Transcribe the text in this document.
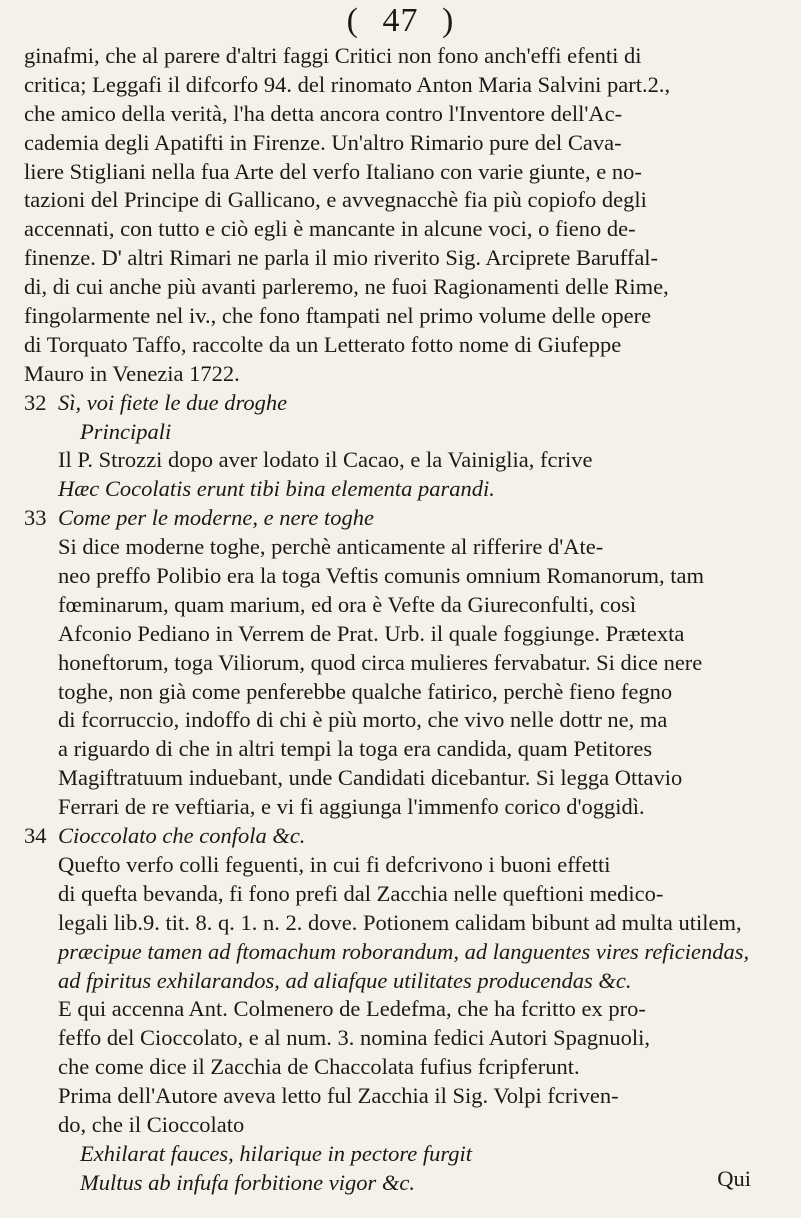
( 47 )
ginafmi, che al parere d'altri faggi Critici non fono anch'effi efenti di
critica; Leggafi il difcorfo 94. del rinomato Anton Maria Salvini part.2.,
che amico della verità, l'ha detta ancora contro l'Inventore dell'Ac-
cademia degli Apatifti in Firenze. Un'altro Rimario pure del Cava-
liere Stigliani nella fua Arte del verfo Italiano con varie giunte, e no-
tazioni del Principe di Gallicano, e avvegnacchè fia più copiofo degli
accennati, con tutto e ciò egli è mancante in alcune voci, o fieno de-
finenze. D' altri Rimari ne parla il mio riverito Sig. Arciprete Baruffal-
di, di cui anche più avanti parleremo, ne fuoi Ragionamenti delle Rime,
fingolarmente nel iv., che fono ftampati nel primo volume delle opere
di Torquato Taffo, raccolte da un Letterato fotto nome di Giufeppe
Mauro in Venezia 1722.
32 Sì, voi fiete le due droghe
Principali
Il P. Strozzi dopo aver lodato il Cacao, e la Vainiglia, fcrive
Hæc Cocolatis erunt tibi bina elementa parandi.
33 Come per le moderne, e nere toghe
Si dice moderne toghe, perchè anticamente al rifferire d'Ate-
neo preffo Polibio era la toga Veftis comunis omnium Romanorum, tam
fœminarum, quam marium, ed ora è Vefte da Giureconfulti, così
Afconio Pediano in Verrem de Prat. Urb. il quale foggiunge. Prætexta
honeftorum, toga Viliorum, quod circa mulieres fervabatur. Si dice nere
toghe, non già come penferebbe qualche fatirico, perchè fieno fegno
di fcorruccio, indoffo di chi è più morto, che vivo nelle dottr ne, ma
a riguardo di che in altri tempi la toga era candida, quam Petitores
Magiftratuum induebant, unde Candidati dicebantur. Si legga Ottavio
Ferrari de re veftiaria, e vi fi aggiunga l'immenfo corico d'oggidì.
34 Cioccolato che confola &c.
Quefto verfo colli feguenti, in cui fi defcrivono i buoni effetti
di quefta bevanda, fi fono prefi dal Zacchia nelle queftioni medico-
legali lib.9. tit. 8. q. 1. n. 2. dove. Potionem calidam bibunt ad multa utilem,
præcipue tamen ad ftomachum roborandum, ad languentes vires reficiendas,
ad fpiritus exhilarandos, ad aliafque utilitates producendas &c.
E qui accenna Ant. Colmenero de Ledefma, che ha fcritto ex pro-
feffo del Cioccolato, e al num. 3. nomina fedici Autori Spagnuoli,
che come dice il Zacchia de Chaccolata fufius fcripferunt.
Prima dell'Autore aveva letto ful Zacchia il Sig. Volpi fcriven-
do, che il Cioccolato
Exhilarat fauces, hilarique in pectore furgit
Multus ab infufa forbitione vigor &c.	Qui
